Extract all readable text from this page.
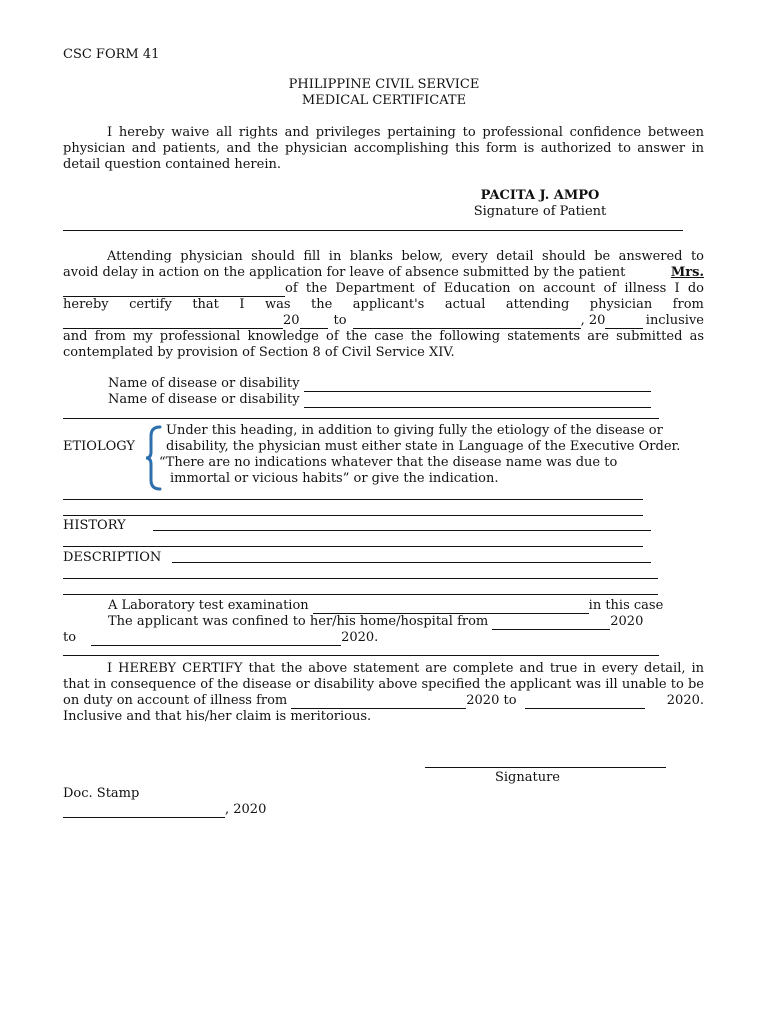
CSC FORM 41
PHILIPPINE CIVIL SERVICE
MEDICAL CERTIFICATE
I hereby waive all rights and privileges pertaining to professional confidence between
physician and patients, and the physician accomplishing this form is authorized to answer in
detail question contained herein.
PACITA J. AMPO
Signature of Patient
Attending physician should fill in blanks below, every detail should be answered to
avoid delay in action on the application for leave of absence submitted by the patient	Mrs.
of the Department of Education on account of illness I do
hereby certify that I was the applicant's actual attending physician from
20	to	, 20	inclusive
and from my professional knowledge of the case the following statements are submitted as
contemplated by provision of Section 8 of Civil Service XIV.
Name of disease or disability
Name of disease or disability
ETIOLOGY
Under this heading, in addition to giving fully the etiology of the disease or
disability, the physician must either state in Language of the Executive Order.
“There are no indications whatever that the disease name was due to
immortal or vicious habits” or give the indication.
HISTORY
DESCRIPTION
A Laboratory test examination	in this case
The applicant was confined to her/his home/hospital from	2020
to	2020.
I HEREBY CERTIFY that the above statement are complete and true in every detail, in
that in consequence of the disease or disability above specified the applicant was ill unable to be
on duty on account of illness from	2020 to	2020.
Inclusive and that his/her claim is meritorious.
Signature
Doc. Stamp
, 2020
